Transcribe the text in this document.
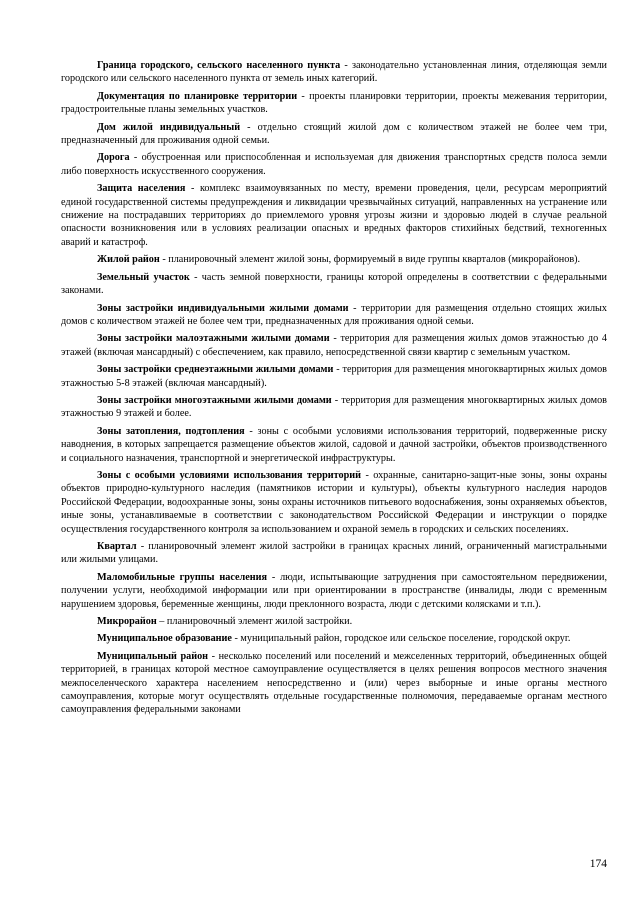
Граница городского, сельского населенного пункта - законодательно установленная линия, отделяющая земли городского или сельского населенного пункта от земель иных категорий.

Документация по планировке территории - проекты планировки территории, проекты межевания территории, градостроительные планы земельных участков.

Дом жилой индивидуальный - отдельно стоящий жилой дом с количеством этажей не более чем три, предназначенный для проживания одной семьи.

Дорога - обустроенная или приспособленная и используемая для движения транспортных средств полоса земли либо поверхность искусственного сооружения.

Защита населения - комплекс взаимоувязанных по месту, времени проведения, цели, ресурсам мероприятий единой государственной системы предупреждения и ликвидации чрезвычайных ситуаций, направленных на устранение или снижение на пострадавших территориях до приемлемого уровня угрозы жизни и здоровью людей в случае реальной опасности возникновения или в условиях реализации опасных и вредных факторов стихийных бедствий, техногенных аварий и катастроф.

Жилой район - планировочный элемент жилой зоны, формируемый в виде группы кварталов (микрорайонов).

Земельный участок - часть земной поверхности, границы которой определены в соответствии с федеральными законами.

Зоны застройки индивидуальными жилыми домами - территории для размещения отдельно стоящих жилых домов с количеством этажей не более чем три, предназначенных для проживания одной семьи.

Зоны застройки малоэтажными жилыми домами - территория для размещения жилых домов этажностью до 4 этажей (включая мансардный) с обеспечением, как правило, непосредственной связи квартир с земельным участком.

Зоны застройки среднеэтажными жилыми домами - территория для размещения многоквартирных жилых домов этажностью 5-8 этажей (включая мансардный).

Зоны застройки многоэтажными жилыми домами - территория для размещения многоквартирных жилых домов этажностью 9 этажей и более.

Зоны затопления, подтопления - зоны с особыми условиями использования территорий, подверженные риску наводнения, в которых запрещается размещение объектов жилой, садовой и дачной застройки, объектов производственного и социального назначения, транспортной и энергетической инфраструктуры.

Зоны с особыми условиями использования территорий - охранные, санитарно-защит-ные зоны, зоны охраны объектов природно-культурного наследия (памятников истории и культуры), объекты культурного наследия народов Российской Федерации, водоохранные зоны, зоны охраны источников питьевого водоснабжения, зоны охраняемых объектов, иные зоны, устанавливаемые в соответствии с законодательством Российской Федерации и инструкции о порядке осуществления государственного контроля за использованием и охраной земель в городских и сельских поселениях.

Квартал - планировочный элемент жилой застройки в границах красных линий, ограниченный магистральными или жилыми улицами.

Маломобильные группы населения - люди, испытывающие затруднения при самостоятельном передвижении, получении услуги, необходимой информации или при ориентировании в пространстве (инвалиды, люди с временным нарушением здоровья, беременные женщины, люди преклонного возраста, люди с детскими колясками и т.п.).

Микрорайон – планировочный элемент жилой застройки.

Муниципальное образование - муниципальный район, городское или сельское поселение, городской округ.

Муниципальный район - несколько поселений или поселений и межселенных территорий, объединенных общей территорией, в границах которой местное самоуправление осуществляется в целях решения вопросов местного значения межпоселенческого характера населением непосредственно и (или) через выборные и иные органы местного самоуправления, которые могут осуществлять отдельные государственные полномочия, передаваемые органам местного самоуправления федеральными законами

174
